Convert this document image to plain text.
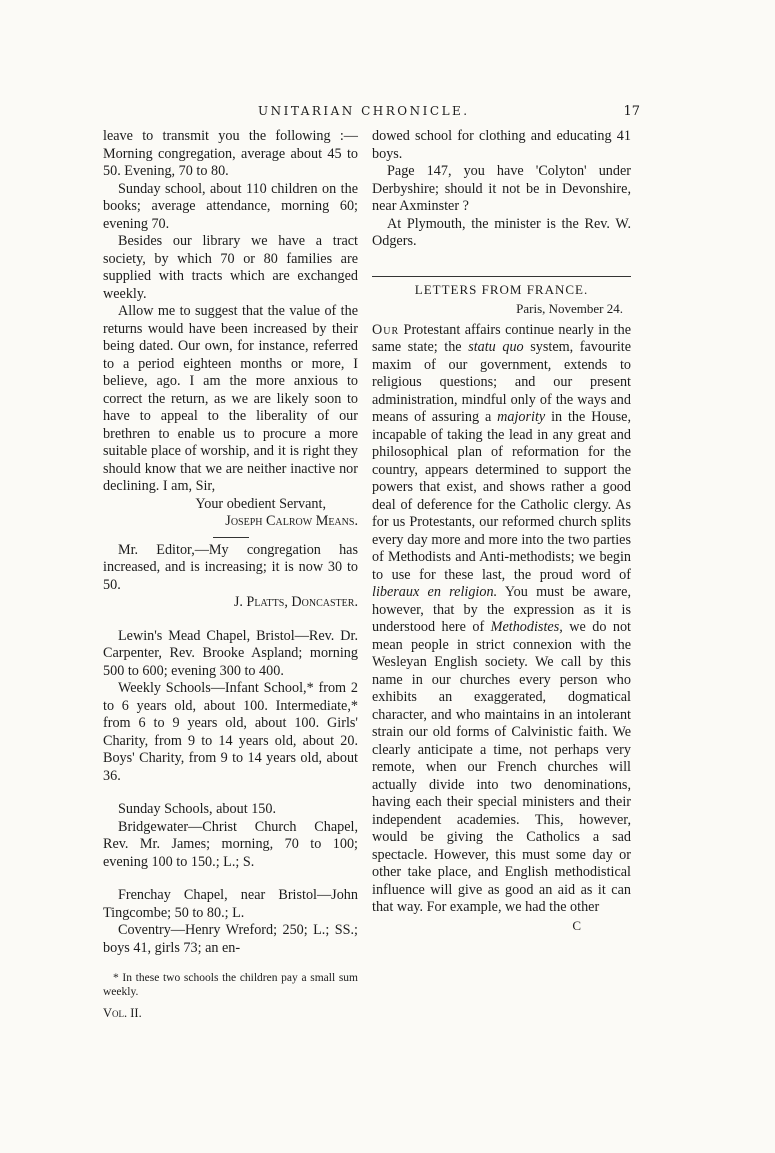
UNITARIAN CHRONICLE.	17

leave to transmit you the following :— Morning congregation, average about 45 to 50. Evening, 70 to 80.

Sunday school, about 110 children on the books; average attendance, morning 60; evening 70.

Besides our library we have a tract society, by which 70 or 80 families are supplied with tracts which are exchanged weekly.

Allow me to suggest that the value of the returns would have been increased by their being dated. Our own, for instance, referred to a period eighteen months or more, I believe, ago. I am the more anxious to correct the return, as we are likely soon to have to appeal to the liberality of our brethren to enable us to procure a more suitable place of worship, and it is right they should know that we are neither inactive nor declining. I am, Sir,

Your obedient Servant,

Joseph Calrow Means.

Mr. Editor,—My congregation has increased, and is increasing; it is now 30 to 50.

J. Platts, Doncaster.

Lewin's Mead Chapel, Bristol—Rev. Dr. Carpenter, Rev. Brooke Aspland; morning 500 to 600; evening 300 to 400.

Weekly Schools—Infant School,* from 2 to 6 years old, about 100. Intermediate,* from 6 to 9 years old, about 100. Girls' Charity, from 9 to 14 years old, about 20. Boys' Charity, from 9 to 14 years old, about 36.

Sunday Schools, about 150.

Bridgewater—Christ Church Chapel, Rev. Mr. James; morning, 70 to 100; evening 100 to 150.; L.; S.

Frenchay Chapel, near Bristol—John Tingcombe; 50 to 80.; L.

Coventry—Henry Wreford; 250; L.; SS.; boys 41, girls 73; an en-

* In these two schools the children pay a small sum weekly.

Vol. II.

dowed school for clothing and educating 41 boys.

Page 147, you have 'Colyton' under Derbyshire; should it not be in Devonshire, near Axminster ?

At Plymouth, the minister is the Rev. W. Odgers.

LETTERS FROM FRANCE.

Paris, November 24.

Our Protestant affairs continue nearly in the same state; the statu quo system, favourite maxim of our government, extends to religious questions; and our present administration, mindful only of the ways and means of assuring a majority in the House, incapable of taking the lead in any great and philosophical plan of reformation for the country, appears determined to support the powers that exist, and shows rather a good deal of deference for the Catholic clergy. As for us Protestants, our reformed church splits every day more and more into the two parties of Methodists and Anti-methodists; we begin to use for these last, the proud word of liberaux en religion. You must be aware, however, that by the expression as it is understood here of Methodistes, we do not mean people in strict connexion with the Wesleyan English society. We call by this name in our churches every person who exhibits an exaggerated, dogmatical character, and who maintains in an intolerant strain our old forms of Calvinistic faith. We clearly anticipate a time, not perhaps very remote, when our French churches will actually divide into two denominations, having each their special ministers and their independent academies. This, however, would be giving the Catholics a sad spectacle. However, this must some day or other take place, and English methodistical influence will give as good an aid as it can that way. For example, we had the other

C
